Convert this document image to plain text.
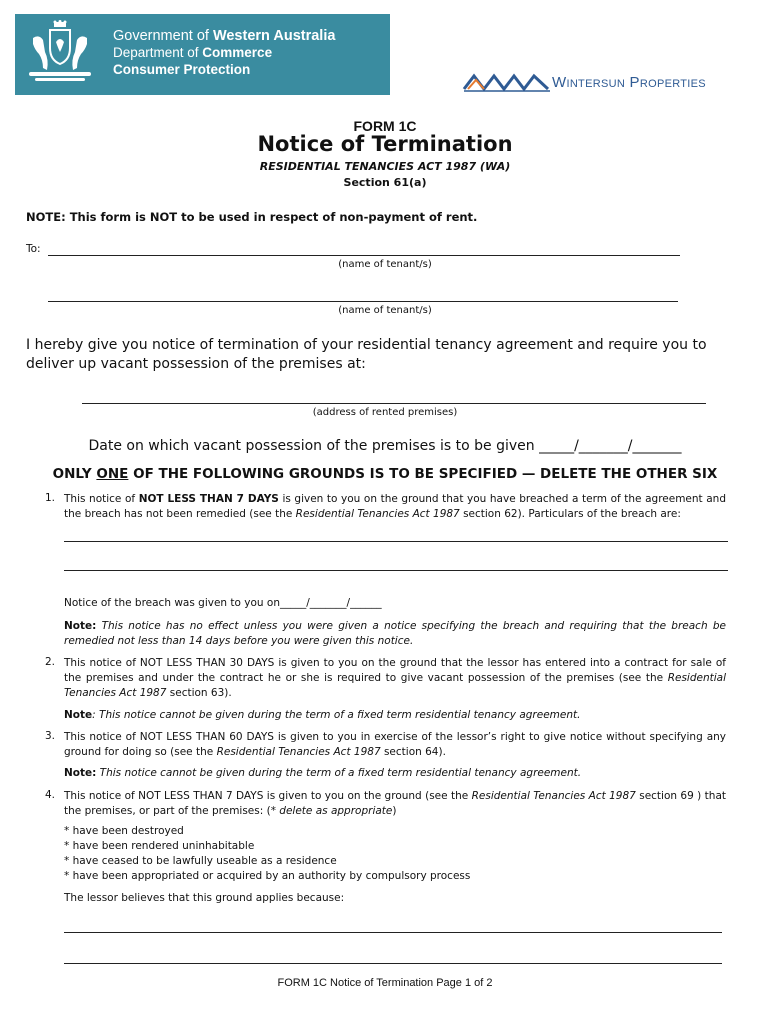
Government of Western Australia
Department of Commerce
Consumer Protection
Wintersun Properties
FORM 1C
Notice of Termination
RESIDENTIAL TENANCIES ACT 1987 (WA)
Section 61(a)
NOTE: This form is NOT to be used in respect of non-payment of rent.
To:
(name of tenant/s)
(name of tenant/s)
I hereby give you notice of termination of your residential tenancy agreement and require you to deliver up vacant possession of the premises at:
(address of rented premises)
Date on which vacant possession of the premises is to be given _____/_______/_______
ONLY ONE OF THE FOLLOWING GROUNDS IS TO BE SPECIFIED — DELETE THE OTHER SIX
1. This notice of NOT LESS THAN 7 DAYS is given to you on the ground that you have breached a term of the agreement and the breach has not been remedied (see the Residential Tenancies Act 1987 section 62). Particulars of the breach are:
Notice of the breach was given to you on_____/_______/______
Note: This notice has no effect unless you were given a notice specifying the breach and requiring that the breach be remedied not less than 14 days before you were given this notice.
2. This notice of NOT LESS THAN 30 DAYS is given to you on the ground that the lessor has entered into a contract for sale of the premises and under the contract he or she is required to give vacant possession of the premises (see the Residential Tenancies Act 1987 section 63).
Note: This notice cannot be given during the term of a fixed term residential tenancy agreement.
3. This notice of NOT LESS THAN 60 DAYS is given to you in exercise of the lessor’s right to give notice without specifying any ground for doing so (see the Residential Tenancies Act 1987 section 64).
Note: This notice cannot be given during the term of a fixed term residential tenancy agreement.
4. This notice of NOT LESS THAN 7 DAYS is given to you on the ground (see the Residential Tenancies Act 1987 section 69 ) that the premises, or part of the premises: (* delete as appropriate)
* have been destroyed
* have been rendered uninhabitable
* have ceased to be lawfully useable as a residence
* have been appropriated or acquired by an authority by compulsory process
The lessor believes that this ground applies because:
FORM 1C Notice of Termination Page 1 of 2
